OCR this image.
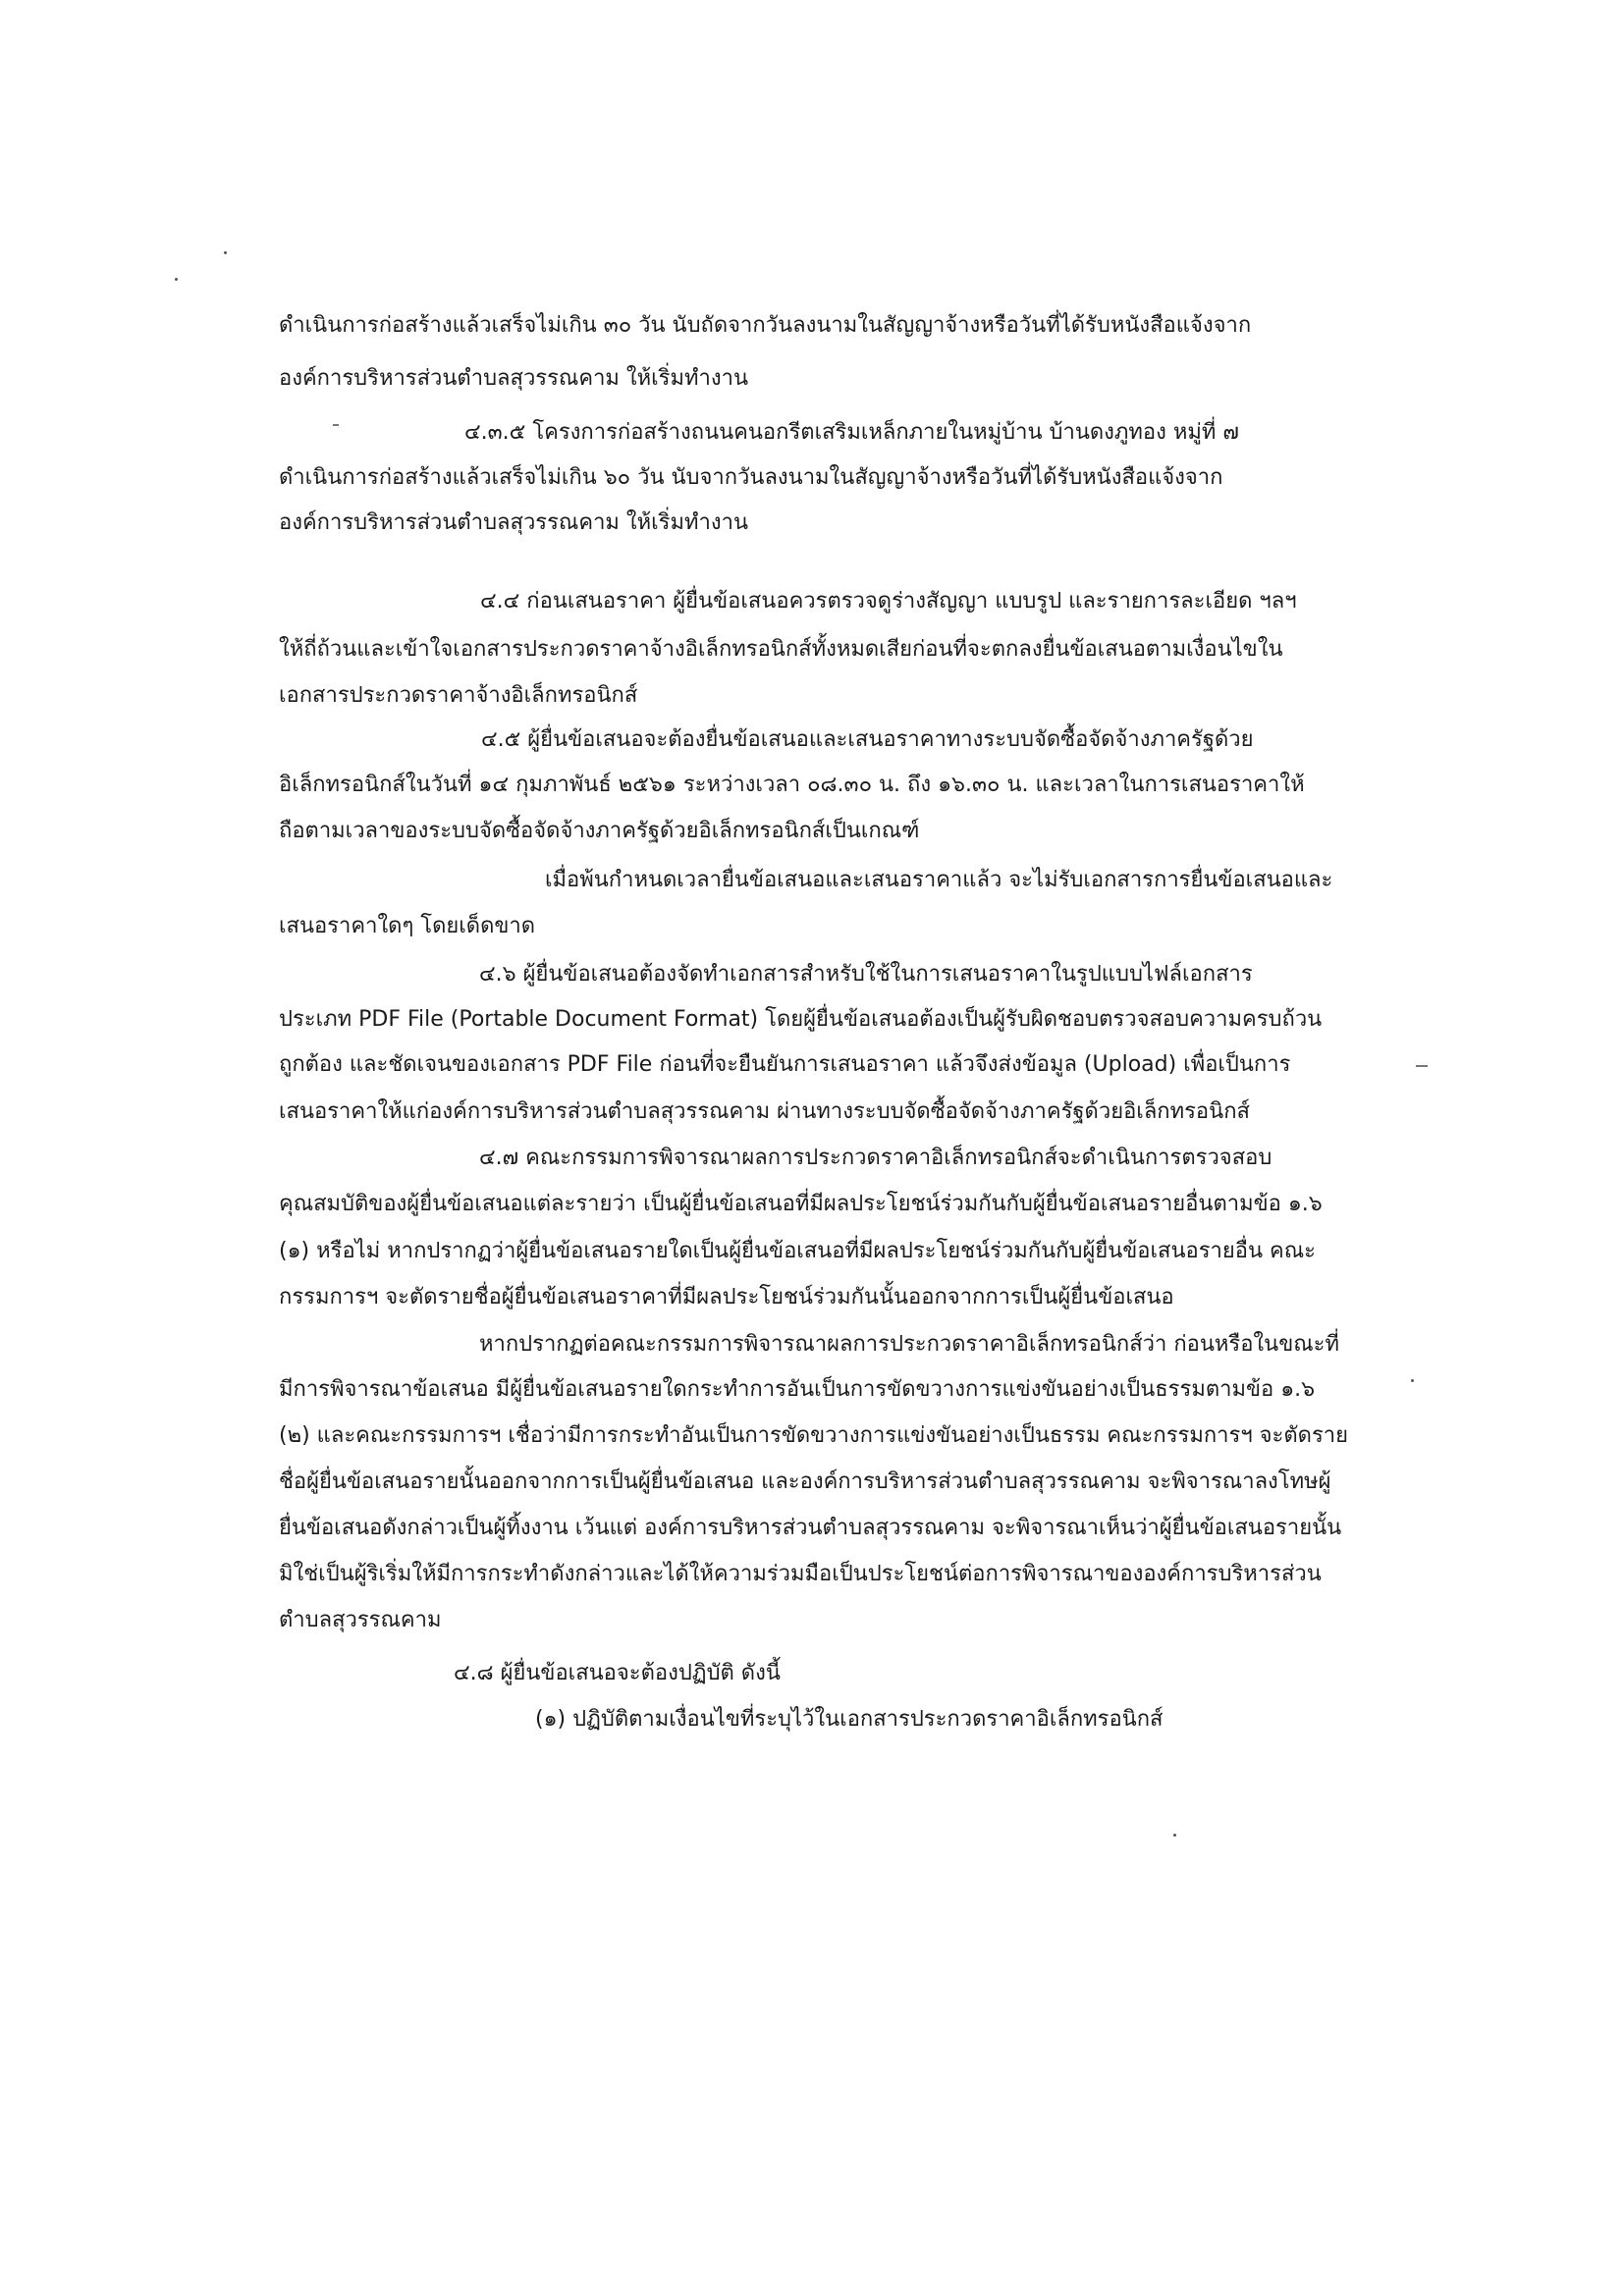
ดำเนินการก่อสร้างแล้วเสร็จไม่เกิน ๓๐ วัน นับถัดจากวันลงนามในสัญญาจ้างหรือวันที่ได้รับหนังสือแจ้งจาก
องค์การบริหารส่วนตำบลสุวรรณคาม ให้เริ่มทำงาน
๔.๓.๕ โครงการก่อสร้างถนนคนอกรีตเสริมเหล็กภายในหมู่บ้าน บ้านดงภูทอง หมู่ที่ ๗
ดำเนินการก่อสร้างแล้วเสร็จไม่เกิน ๖๐ วัน นับจากวันลงนามในสัญญาจ้างหรือวันที่ได้รับหนังสือแจ้งจาก
องค์การบริหารส่วนตำบลสุวรรณคาม ให้เริ่มทำงาน
๔.๔ ก่อนเสนอราคา ผู้ยื่นข้อเสนอควรตรวจดูร่างสัญญา แบบรูป และรายการละเอียด ฯลฯ
ให้ถี่ถ้วนและเข้าใจเอกสารประกวดราคาจ้างอิเล็กทรอนิกส์ทั้งหมดเสียก่อนที่จะตกลงยื่นข้อเสนอตามเงื่อนไขใน
เอกสารประกวดราคาจ้างอิเล็กทรอนิกส์
๔.๕ ผู้ยื่นข้อเสนอจะต้องยื่นข้อเสนอและเสนอราคาทางระบบจัดซื้อจัดจ้างภาครัฐด้วย
อิเล็กทรอนิกส์ในวันที่ ๑๔ กุมภาพันธ์ ๒๕๖๑ ระหว่างเวลา ๐๘.๓๐ น. ถึง ๑๖.๓๐ น. และเวลาในการเสนอราคาให้
ถือตามเวลาของระบบจัดซื้อจัดจ้างภาครัฐด้วยอิเล็กทรอนิกส์เป็นเกณฑ์
เมื่อพ้นกำหนดเวลายื่นข้อเสนอและเสนอราคาแล้ว จะไม่รับเอกสารการยื่นข้อเสนอและ
เสนอราคาใดๆ โดยเด็ดขาด
๔.๖ ผู้ยื่นข้อเสนอต้องจัดทำเอกสารสำหรับใช้ในการเสนอราคาในรูปแบบไฟล์เอกสาร
ประเภท PDF File (Portable Document Format) โดยผู้ยื่นข้อเสนอต้องเป็นผู้รับผิดชอบตรวจสอบความครบถ้วน
ถูกต้อง และชัดเจนของเอกสาร PDF File ก่อนที่จะยืนยันการเสนอราคา แล้วจึงส่งข้อมูล (Upload) เพื่อเป็นการ
เสนอราคาให้แก่องค์การบริหารส่วนตำบลสุวรรณคาม ผ่านทางระบบจัดซื้อจัดจ้างภาครัฐด้วยอิเล็กทรอนิกส์
๔.๗ คณะกรรมการพิจารณาผลการประกวดราคาอิเล็กทรอนิกส์จะดำเนินการตรวจสอบ
คุณสมบัติของผู้ยื่นข้อเสนอแต่ละรายว่า เป็นผู้ยื่นข้อเสนอที่มีผลประโยชน์ร่วมกันกับผู้ยื่นข้อเสนอรายอื่นตามข้อ ๑.๖
(๑) หรือไม่ หากปรากฏว่าผู้ยื่นข้อเสนอรายใดเป็นผู้ยื่นข้อเสนอที่มีผลประโยชน์ร่วมกันกับผู้ยื่นข้อเสนอรายอื่น คณะ
กรรมการฯ จะตัดรายชื่อผู้ยื่นข้อเสนอราคาที่มีผลประโยชน์ร่วมกันนั้นออกจากการเป็นผู้ยื่นข้อเสนอ
หากปรากฏต่อคณะกรรมการพิจารณาผลการประกวดราคาอิเล็กทรอนิกส์ว่า ก่อนหรือในขณะที่
มีการพิจารณาข้อเสนอ มีผู้ยื่นข้อเสนอรายใดกระทำการอันเป็นการขัดขวางการแข่งขันอย่างเป็นธรรมตามข้อ ๑.๖
(๒) และคณะกรรมการฯ เชื่อว่ามีการกระทำอันเป็นการขัดขวางการแข่งขันอย่างเป็นธรรม คณะกรรมการฯ จะตัดราย
ชื่อผู้ยื่นข้อเสนอรายนั้นออกจากการเป็นผู้ยื่นข้อเสนอ และองค์การบริหารส่วนตำบลสุวรรณคาม จะพิจารณาลงโทษผู้
ยื่นข้อเสนอดังกล่าวเป็นผู้ทิ้งงาน เว้นแต่ องค์การบริหารส่วนตำบลสุวรรณคาม จะพิจารณาเห็นว่าผู้ยื่นข้อเสนอรายนั้น
มิใช่เป็นผู้ริเริ่มให้มีการกระทำดังกล่าวและได้ให้ความร่วมมือเป็นประโยชน์ต่อการพิจารณาขององค์การบริหารส่วน
ตำบลสุวรรณคาม
๔.๘ ผู้ยื่นข้อเสนอจะต้องปฏิบัติ ดังนี้
(๑) ปฏิบัติตามเงื่อนไขที่ระบุไว้ในเอกสารประกวดราคาอิเล็กทรอนิกส์
